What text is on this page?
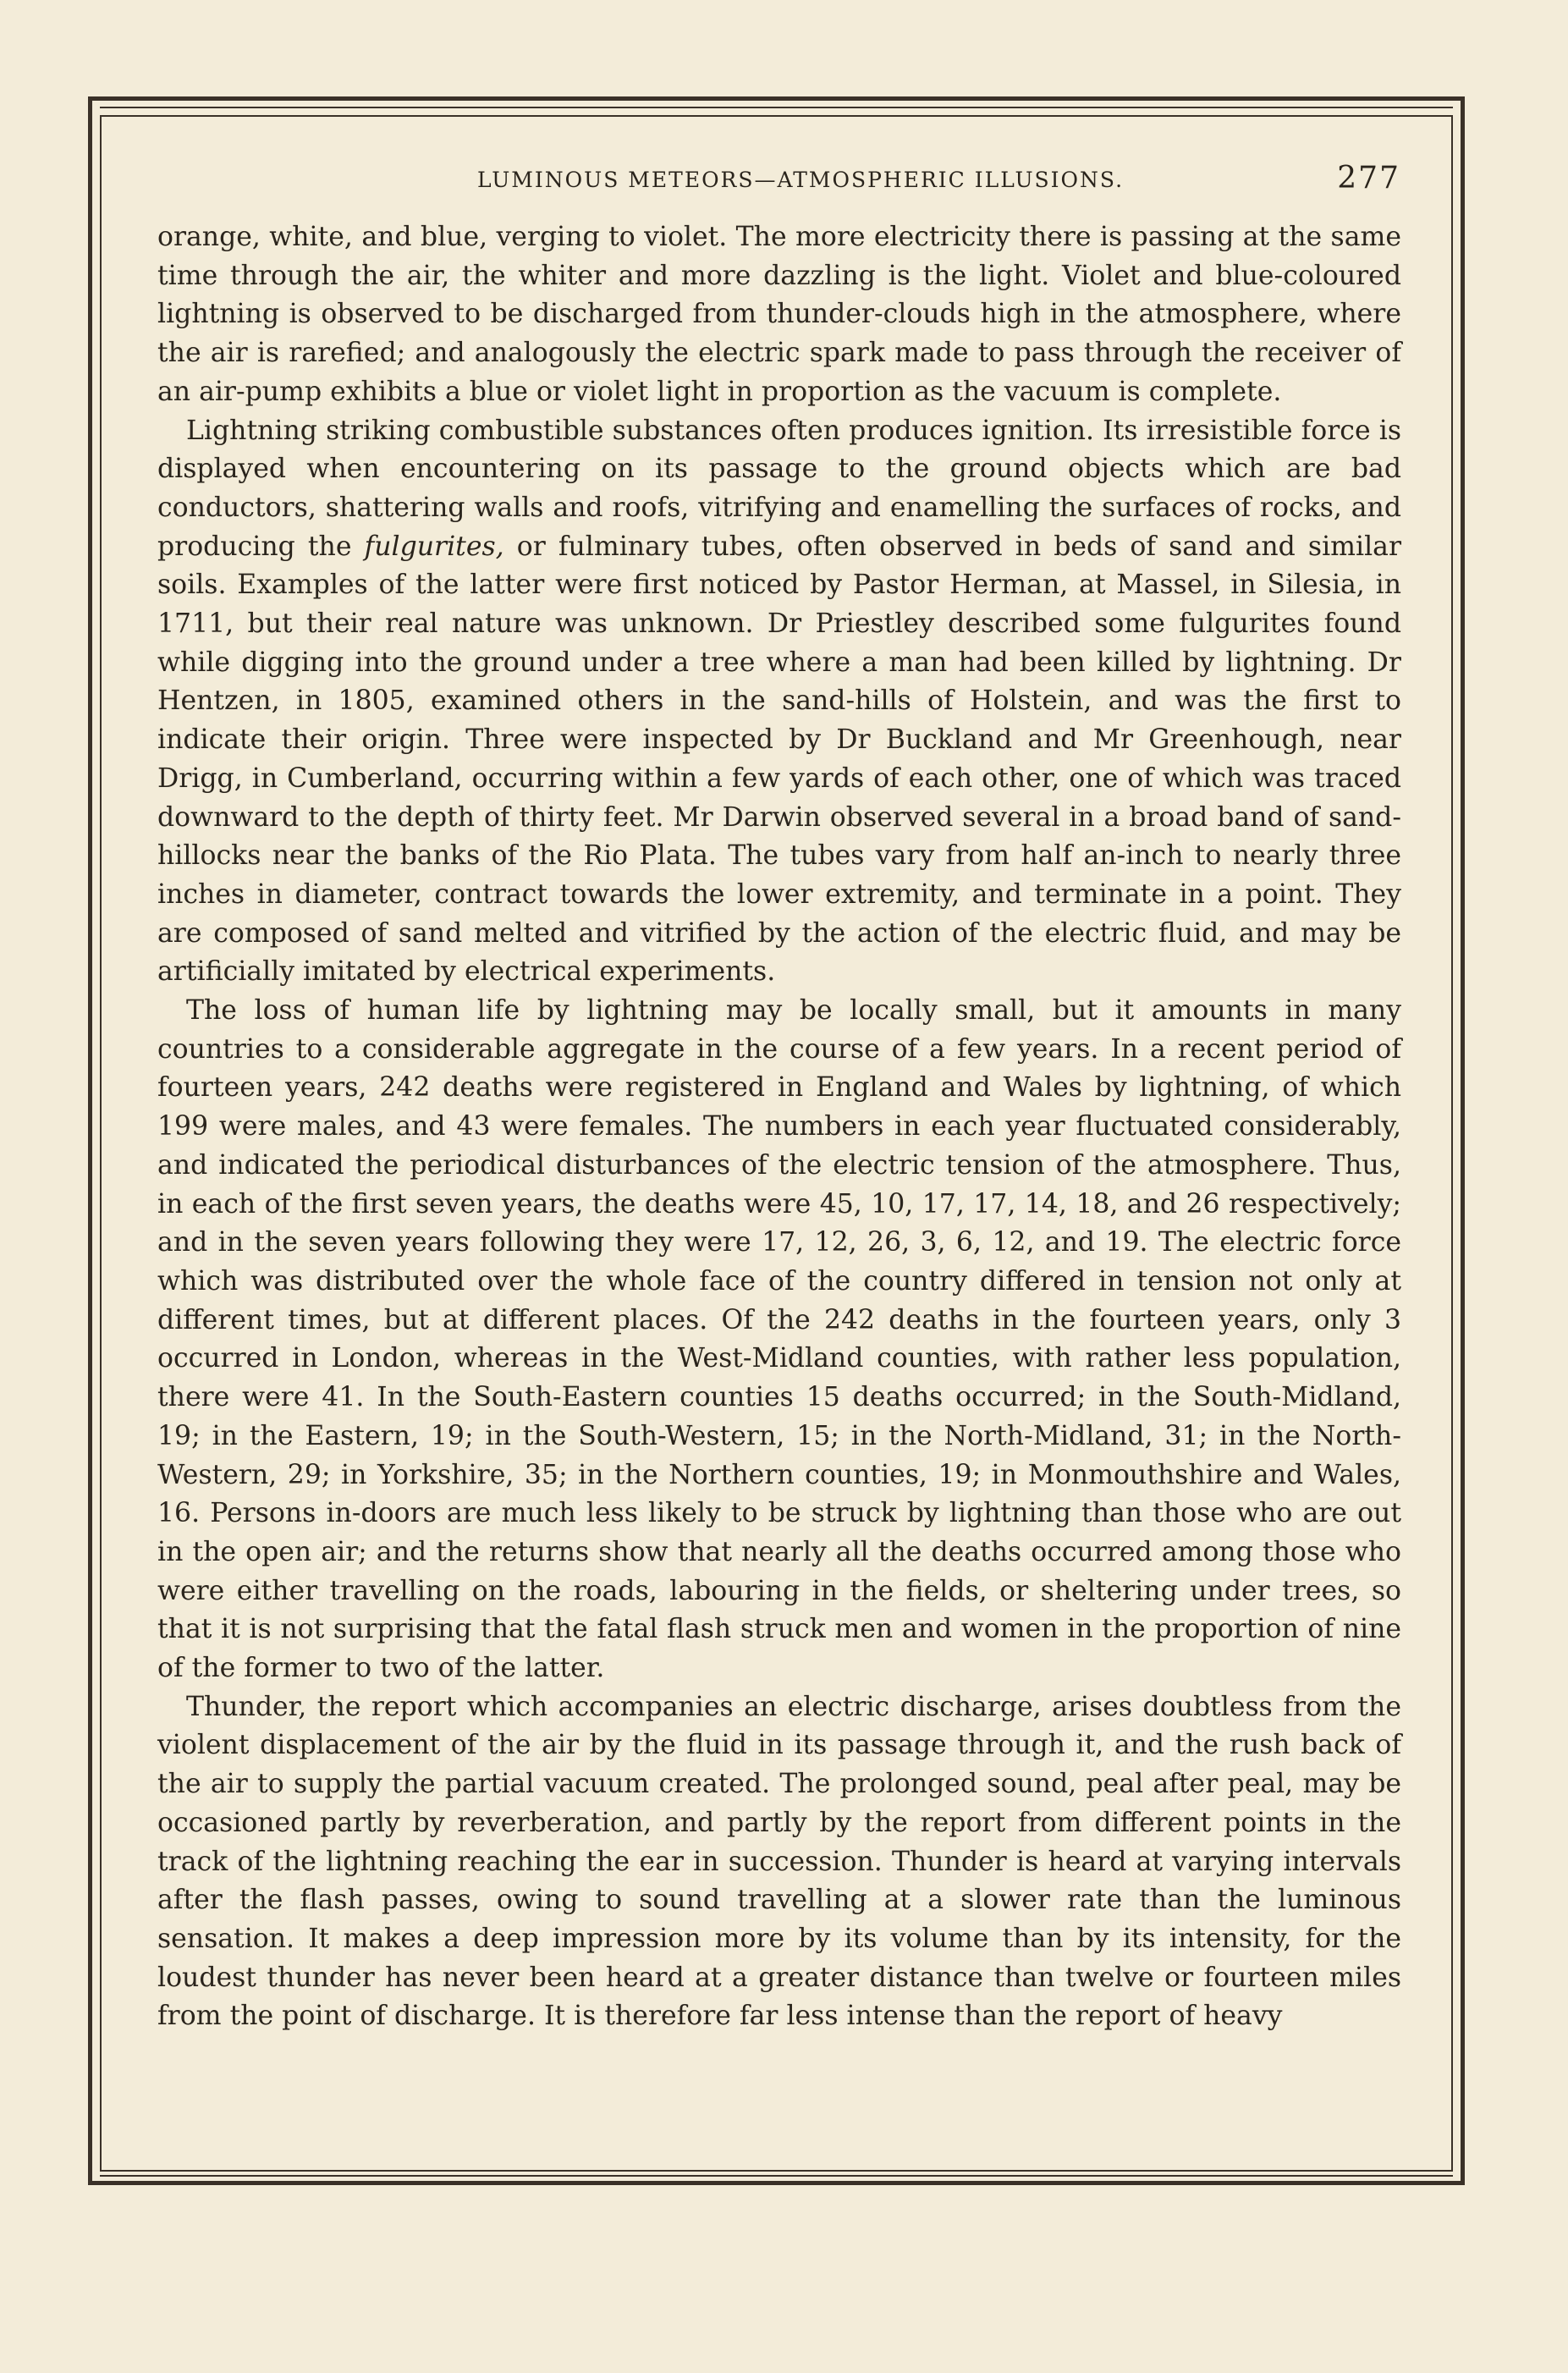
LUMINOUS METEORS—ATMOSPHERIC ILLUSIONS.	277

orange, white, and blue, verging to violet. The more electricity there is passing at the same time through the air, the whiter and more dazzling is the light. Violet and blue-coloured lightning is observed to be discharged from thunder-clouds high in the atmosphere, where the air is rarefied; and analogously the electric spark made to pass through the receiver of an air-pump exhibits a blue or violet light in proportion as the vacuum is complete.

Lightning striking combustible substances often produces ignition. Its irresistible force is displayed when encountering on its passage to the ground objects which are bad conductors, shattering walls and roofs, vitrifying and enamelling the surfaces of rocks, and producing the fulgurites, or fulminary tubes, often observed in beds of sand and similar soils. Examples of the latter were first noticed by Pastor Herman, at Massel, in Silesia, in 1711, but their real nature was unknown. Dr Priestley described some fulgurites found while digging into the ground under a tree where a man had been killed by lightning. Dr Hentzen, in 1805, examined others in the sand-hills of Holstein, and was the first to indicate their origin. Three were inspected by Dr Buckland and Mr Greenhough, near Drigg, in Cumberland, occurring within a few yards of each other, one of which was traced downward to the depth of thirty feet. Mr Darwin observed several in a broad band of sand-hillocks near the banks of the Rio Plata. The tubes vary from half an-inch to nearly three inches in diameter, contract towards the lower extremity, and terminate in a point. They are composed of sand melted and vitrified by the action of the electric fluid, and may be artificially imitated by electrical experiments.

The loss of human life by lightning may be locally small, but it amounts in many countries to a considerable aggregate in the course of a few years. In a recent period of fourteen years, 242 deaths were registered in England and Wales by lightning, of which 199 were males, and 43 were females. The numbers in each year fluctuated considerably, and indicated the periodical disturbances of the electric tension of the atmosphere. Thus, in each of the first seven years, the deaths were 45, 10, 17, 17, 14, 18, and 26 respectively; and in the seven years following they were 17, 12, 26, 3, 6, 12, and 19. The electric force which was distributed over the whole face of the country differed in tension not only at different times, but at different places. Of the 242 deaths in the fourteen years, only 3 occurred in London, whereas in the West-Midland counties, with rather less population, there were 41. In the South-Eastern counties 15 deaths occurred; in the South-Midland, 19; in the Eastern, 19; in the South-Western, 15; in the North-Midland, 31; in the North-Western, 29; in Yorkshire, 35; in the Northern counties, 19; in Monmouthshire and Wales, 16. Persons in-doors are much less likely to be struck by lightning than those who are out in the open air; and the returns show that nearly all the deaths occurred among those who were either travelling on the roads, labouring in the fields, or sheltering under trees, so that it is not surprising that the fatal flash struck men and women in the proportion of nine of the former to two of the latter.

Thunder, the report which accompanies an electric discharge, arises doubtless from the violent displacement of the air by the fluid in its passage through it, and the rush back of the air to supply the partial vacuum created. The prolonged sound, peal after peal, may be occasioned partly by reverberation, and partly by the report from different points in the track of the lightning reaching the ear in succession. Thunder is heard at varying intervals after the flash passes, owing to sound travelling at a slower rate than the luminous sensation. It makes a deep impression more by its volume than by its intensity, for the loudest thunder has never been heard at a greater distance than twelve or fourteen miles from the point of discharge. It is therefore far less intense than the report of heavy
